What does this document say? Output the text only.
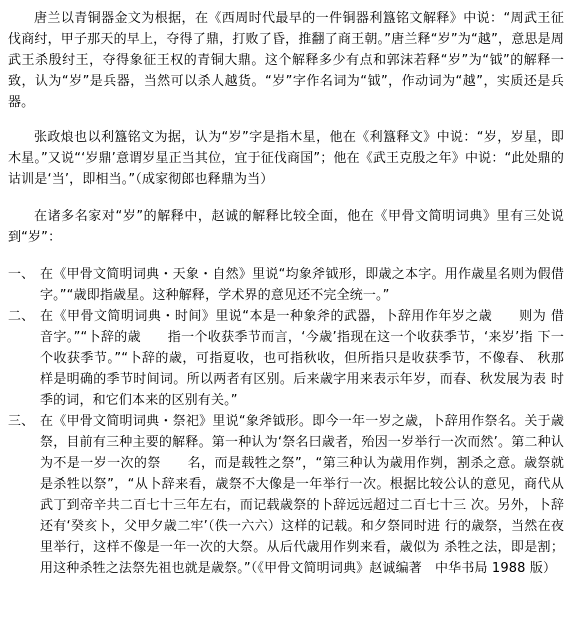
唐兰以青铜器金文为根据，在《西周时代最早的一件铜器利簋铭文解释》中说：“周武王征伐商纣，甲子那天的早上，夺得了鼎，打败了昏，推翻了商王朝。”唐兰释“岁”为“越”，意思是周武王杀殷纣王，夺得象征王权的青铜大鼎。这个解释多少有点和郭沫若释“岁”为“钺”的解释一致，认为“岁”是兵器，当然可以杀人越货。“岁”字作名词为“钺”，作动词为“越”，实质还是兵器。

张政烺也以利簋铭文为据，认为“岁”字是指木星，他在《利簋释文》中说：“岁，岁星，即木星。”又说“‘岁鼎’意谓岁星正当其位，宜于征伐商国”；他在《武王克殷之年》中说：“此处鼎的诂训是‘当’，即相当。”（成家彻郎也释鼎为当）

在诸多名家对“岁”的解释中，赵诚的解释比较全面，他在《甲骨文简明词典》里有三处说到“岁”：

一、 在《甲骨文简明词典・天象・自然》里说“均象斧钺形，即歳之本字。用作歳星名则为假借字。”“歳即指歳星。这种解释，学术界的意见还不完全统一。”
二、 在《甲骨文简明词典・时间》里说“本是一种象斧的武器，卜辞用作年岁之歳　　则为 借音字。”“卜辞的歳　　指一个收获季节而言，‘今歳’指现在这一个收获季节，‘来岁’指 下一个收获季节。”“卜辞的歳，可指夏收，也可指秋收，但所指只是收获季节，不像春、 秋那样是明确的季节时间词。所以两者有区别。后来歳字用来表示年岁，而春、秋发展为表 时季的词，和它们本来的区别有关。”
三、 在《甲骨文简明词典・祭祀》里说“象斧钺形。即今一年一岁之歳，卜辞用作祭名。关于歳祭，目前有三种主要的解释。第一种认为‘祭名曰歳者，殆因一岁举行一次而然’。第二种认为不是一岁一次的祭　　名，而是载牲之祭”，“第三种认为歳用作刿，割杀之意。歳祭就是杀牲以祭”，“从卜辞来看，歳祭不大像是一年举行一次。根据比较公认的意见，商代从武丁到帝辛共二百七十三年左右，而记载歳祭的卜辞远远超过二百七十三 次。另外，卜辞还有‘癸亥卜，父甲夕歳二牢’（佚一六六）这样的记载。和夕祭同时进 行的歳祭，当然在夜里举行，这样不像是一年一次的大祭。从后代歳用作刿来看，歳似为 杀牲之法，即是割；用这种杀牲之法祭先祖也就是歳祭。”（《甲骨文简明词典》赵诚编著　中华书局 1988 版）
